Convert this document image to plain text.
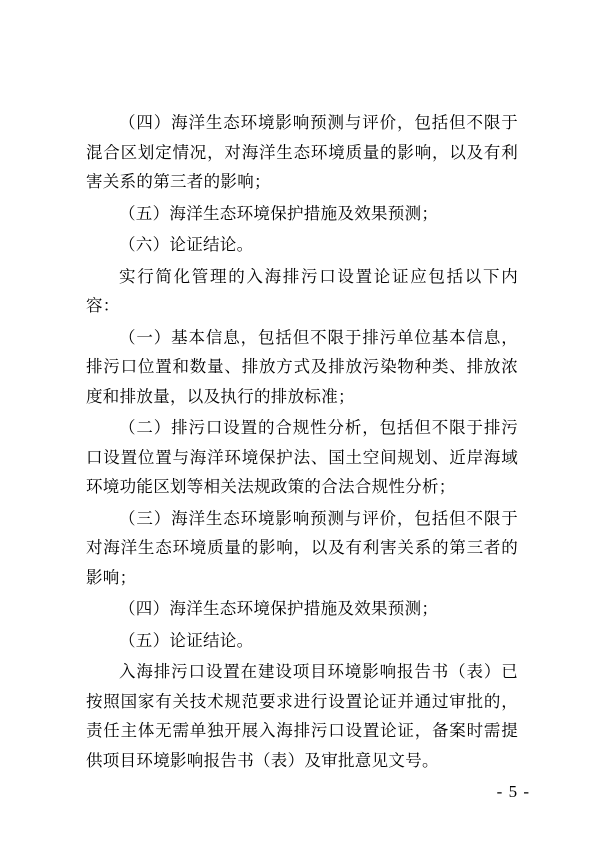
（四）海洋生态环境影响预测与评价，包括但不限于混合区划定情况，对海洋生态环境质量的影响，以及有利害关系的第三者的影响；

（五）海洋生态环境保护措施及效果预测；

（六）论证结论。

实行简化管理的入海排污口设置论证应包括以下内容：

（一）基本信息，包括但不限于排污单位基本信息，排污口位置和数量、排放方式及排放污染物种类、排放浓度和排放量，以及执行的排放标准；

（二）排污口设置的合规性分析，包括但不限于排污口设置位置与海洋环境保护法、国土空间规划、近岸海域环境功能区划等相关法规政策的合法合规性分析；

（三）海洋生态环境影响预测与评价，包括但不限于对海洋生态环境质量的影响，以及有利害关系的第三者的影响；

（四）海洋生态环境保护措施及效果预测；

（五）论证结论。

入海排污口设置在建设项目环境影响报告书（表）已按照国家有关技术规范要求进行设置论证并通过审批的，责任主体无需单独开展入海排污口设置论证，备案时需提供项目环境影响报告书（表）及审批意见文号。

- 5 -
